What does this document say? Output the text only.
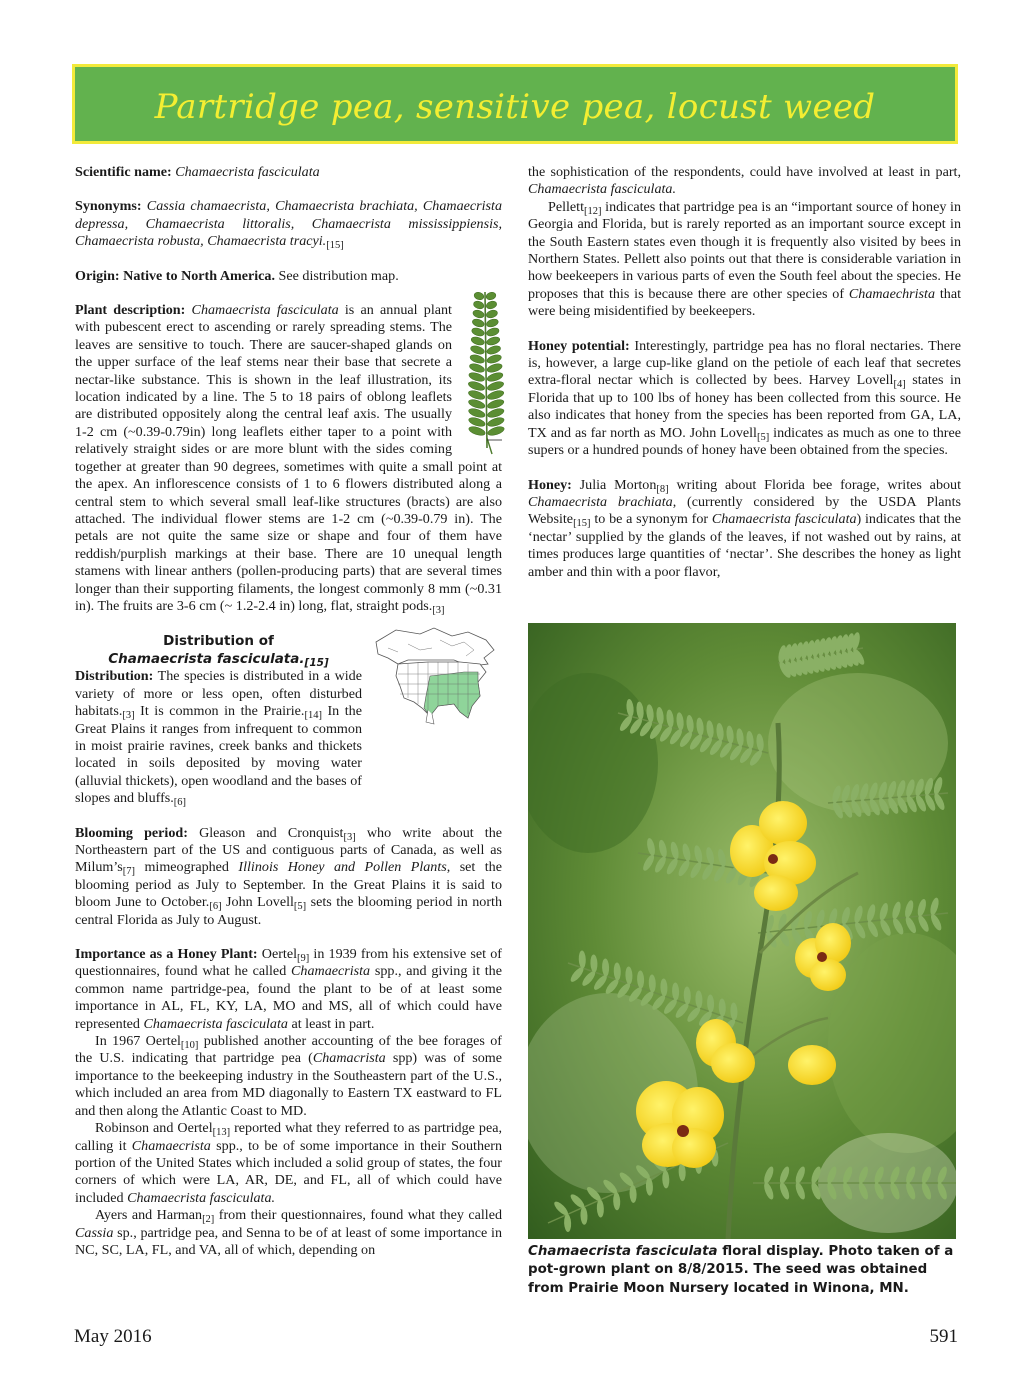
Partridge pea, sensitive pea, locust weed

Scientific name: Chamaecrista fasciculata

Synonyms: Cassia chamaecrista, Chamaecrista brachiata, Chamaecrista depressa, Chamaecrista littoralis, Chamaecrista mississippiensis, Chamaecrista robusta, Chamaecrista $tracyi._{[15]}$

Origin: Native to North America. See distribution map.

Plant description: Chamaecrista fasciculata is an annual plant with pubescent erect to ascending or rarely spreading stems. The leaves are sensitive to touch. There are saucer-shaped glands on the upper surface of the leaf stems near their base that secrete a nectar-like substance. This is shown in the leaf illustration, its location indicated by a line. The 5 to 18 pairs of oblong leaflets are distributed oppositely along the central leaf axis. The usually 1-2 cm (~0.39-0.79in) long leaflets either taper to a point with relatively straight sides or are more blunt with the sides coming together at greater than 90 degrees, sometimes with quite a small point at the apex. An inflorescence consists of 1 to 6 flowers distributed along a central stem to which several small leaf-like structures (bracts) are also attached. The individual flower stems are 1-2 cm (~0.39-0.79 in). The petals are not quite the same size or shape and four of them have reddish/purplish markings at their base. There are 10 unequal length stamens with linear anthers (pollen-producing parts) that are several times longer than their supporting filaments, the longest commonly 8 mm (~0.31 in). The fruits are 3-6 cm (~ 1.2-2.4 in) long, flat, straight $pods._{[3]}$

Distribution of
Chamaecrista $fasciculata._{[15]}$
Distribution: The species is distributed in a wide variety of more or less open, often disturbed $habitats._{[3]}$ It is common in the $Prairie._{[14]}$ In the Great Plains it ranges from infrequent to common in moist prairie ravines, creek banks and thickets located in soils deposited by moving water (alluvial thickets), open woodland and the bases of slopes and $bluffs._{[6]}$

Blooming period: Gleason and Cronquist$_{[3]}$ who write about the Northeastern part of the US and contiguous parts of Canada, as well as $Milum’s_{[7]}$ mimeographed Illinois Honey and Pollen Plants, set the blooming period as July to September. In the Great Plains it is said to bloom June to $October._{[6]}$ John Lovell$_{[5]}$ sets the blooming period in north central Florida as July to August.

Importance as a Honey Plant: Oertel$_{[9]}$ in 1939 from his extensive set of questionnaires, found what he called Chamaecrista spp., and giving it the common name partridge-pea, found the plant to be of at least some importance in AL, FL, KY, LA, MO and MS, all of which could have represented Chamaecrista fasciculata at least in part.

In 1967 Oertel$_{[10]}$ published another accounting of the bee forages of the U.S. indicating that partridge pea (Chamacrista spp) was of some importance to the beekeeping industry in the Southeastern part of the U.S., which included an area from MD diagonally to Eastern TX eastward to FL and then along the Atlantic Coast to MD.

Robinson and Oertel$_{[13]}$ reported what they referred to as partridge pea, calling it Chamaecrista spp., to be of some importance in their Southern portion of the United States which included a solid group of states, the four corners of which were LA, AR, DE, and FL, all of which could have included Chamaecrista fasciculata.

Ayers and Harman$_{[2]}$ from their questionnaires, found what they called Cassia sp., partridge pea, and Senna to be of at least of some importance in NC, SC, LA, FL, and VA, all of which, depending on

the sophistication of the respondents, could have involved at least in part, Chamaecrista fasciculata.

Pellett$_{[12]}$ indicates that partridge pea is an “important source of honey in Georgia and Florida, but is rarely reported as an important source except in the South Eastern states even though it is frequently also visited by bees in Northern States. Pellett also points out that there is considerable variation in how beekeepers in various parts of even the South feel about the species. He proposes that this is because there are other species of Chamaechrista that were being misidentified by beekeepers.

Honey potential: Interestingly, partridge pea has no floral nectaries. There is, however, a large cup-like gland on the petiole of each leaf that secretes extra-floral nectar which is collected by bees. Harvey Lovell$_{[4]}$ states in Florida that up to 100 lbs of honey has been collected from this source. He also indicates that honey from the species has been reported from GA, LA, TX and as far north as MO. John Lovell$_{[5]}$ indicates as much as one to three supers or a hundred pounds of honey have been obtained from the species.

Honey: Julia Morton$_{[8]}$ writing about Florida bee forage, writes about Chamaecrista brachiata, (currently considered by the USDA Plants Website$_{[15]}$ to be a synonym for Chamaecrista fasciculata) indicates that the ‘nectar’ supplied by the glands of the leaves, if not washed out by rains, at times produces large quantities of ‘nectar’. She describes the honey as light amber and thin with a poor flavor,

Chamaecrista fasciculata floral display. Photo taken of a pot-grown plant on 8/8/2015. The seed was obtained from Prairie Moon Nursery located in Winona, MN.
May 2016	591
